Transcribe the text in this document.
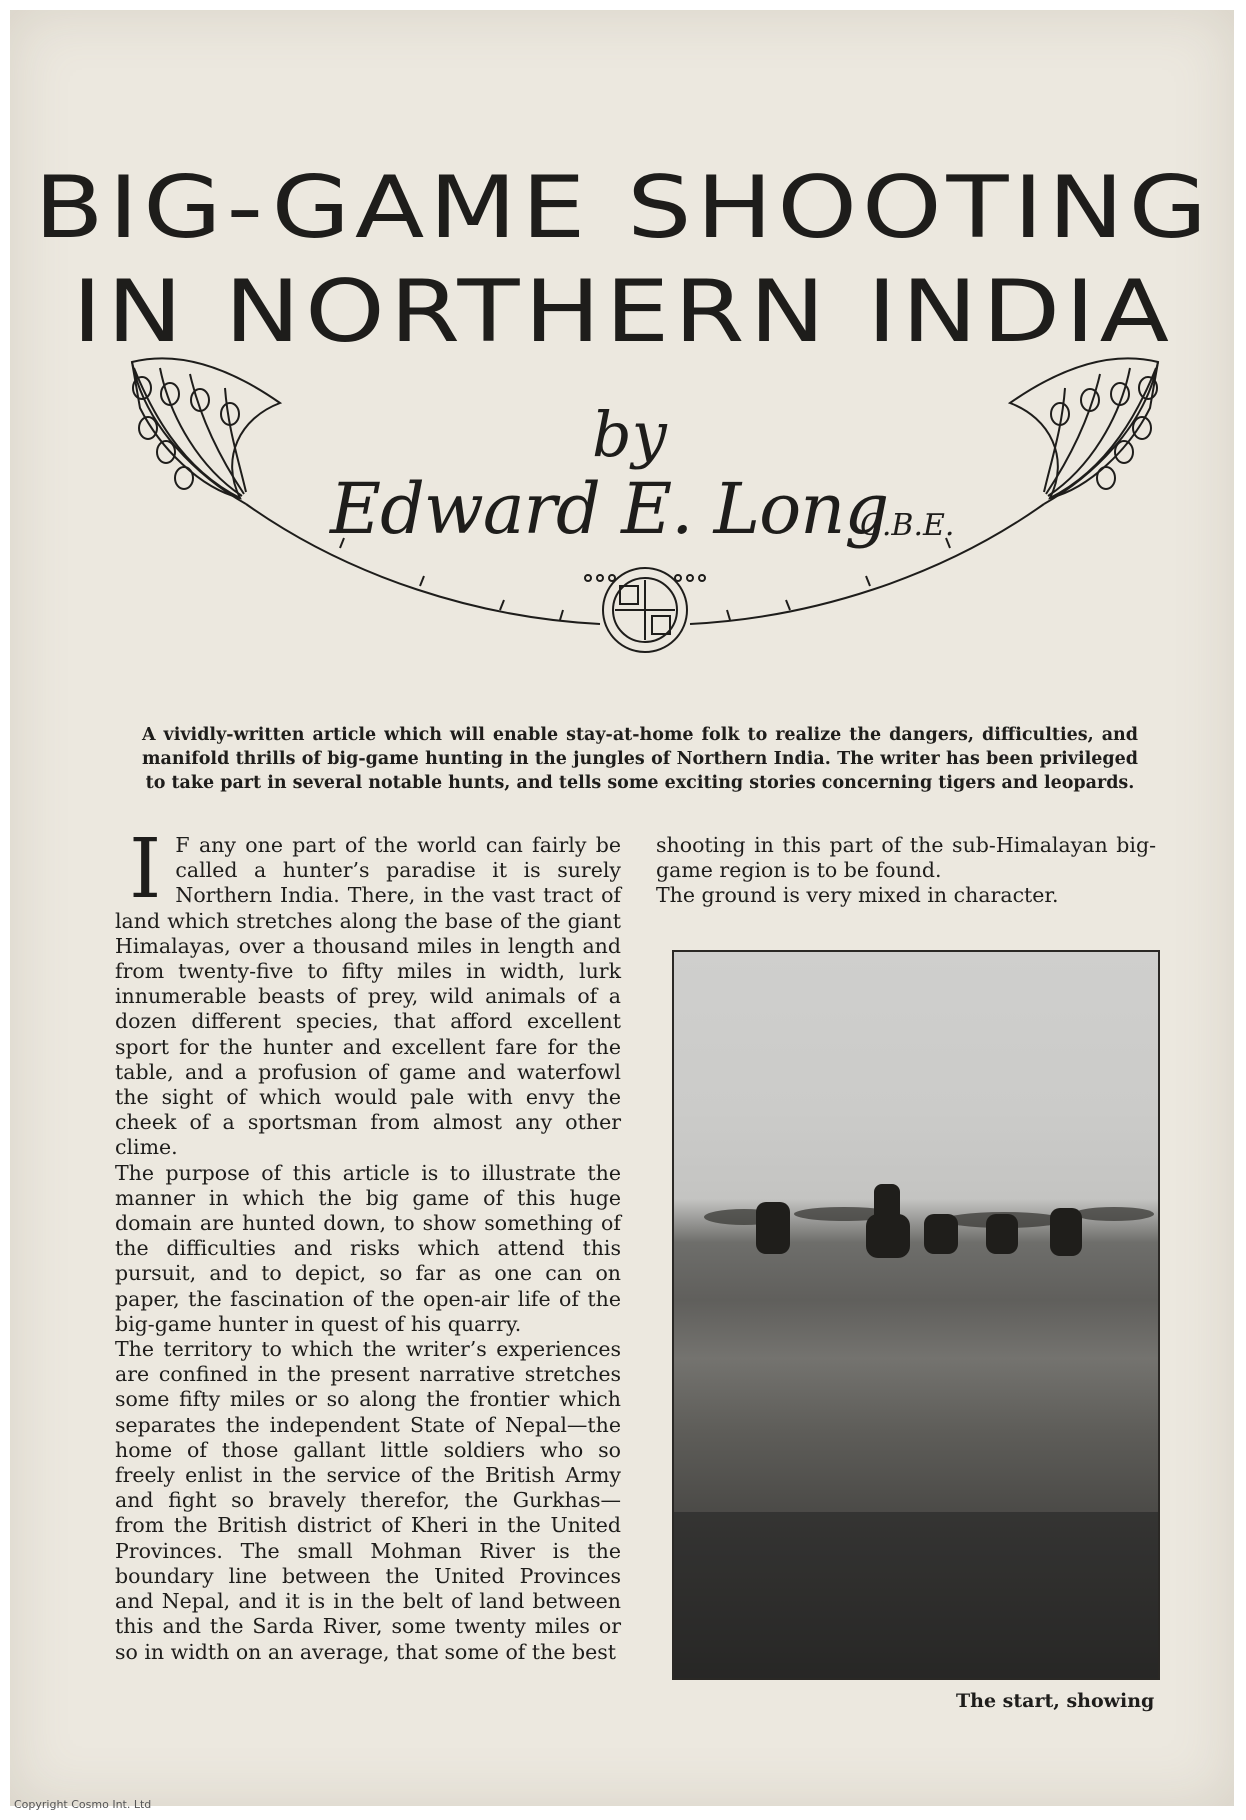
BIG-GAME SHOOTING
IN NORTHERN INDIA
by
Edward E. Long
C.B.E.
A vividly-written article which will enable stay-at-home folk to realize the dangers, difficulties, and manifold thrills of big-game hunting in the jungles of Northern India. The writer has been privileged to take part in several notable hunts, and tells some exciting stories concerning tigers and leopards.
I F any one part of the world can fairly be called a hunter’s paradise it is surely Northern India. There, in the vast tract of land which stretches along the base of the giant Himalayas, over a thousand miles in length and from twenty-five to fifty miles in width, lurk innumerable beasts of prey, wild animals of a dozen different species, that afford excellent sport for the hunter and excellent fare for the table, and a profusion of game and waterfowl the sight of which would pale with envy the cheek of a sportsman from almost any other clime.

The purpose of this article is to illustrate the manner in which the big game of this huge domain are hunted down, to show something of the difficulties and risks which attend this pursuit, and to depict, so far as one can on paper, the fascination of the open-air life of the big-game hunter in quest of his quarry.

The territory to which the writer’s experiences are confined in the present narrative stretches some fifty miles or so along the frontier which separates the independent State of Nepal—the home of those gallant little soldiers who so freely enlist in the service of the British Army and fight so bravely therefor, the Gurkhas—from the British district of Kheri in the United Provinces. The small Mohman River is the boundary line between the United Provinces and Nepal, and it is in the belt of land between this and the Sarda River, some twenty miles or so in width on an average, that some of the best

shooting in this part of the sub-Himalayan big-game region is to be found.

The ground is very mixed in character.

The start, showing
Copyright Cosmo Int. Ltd
